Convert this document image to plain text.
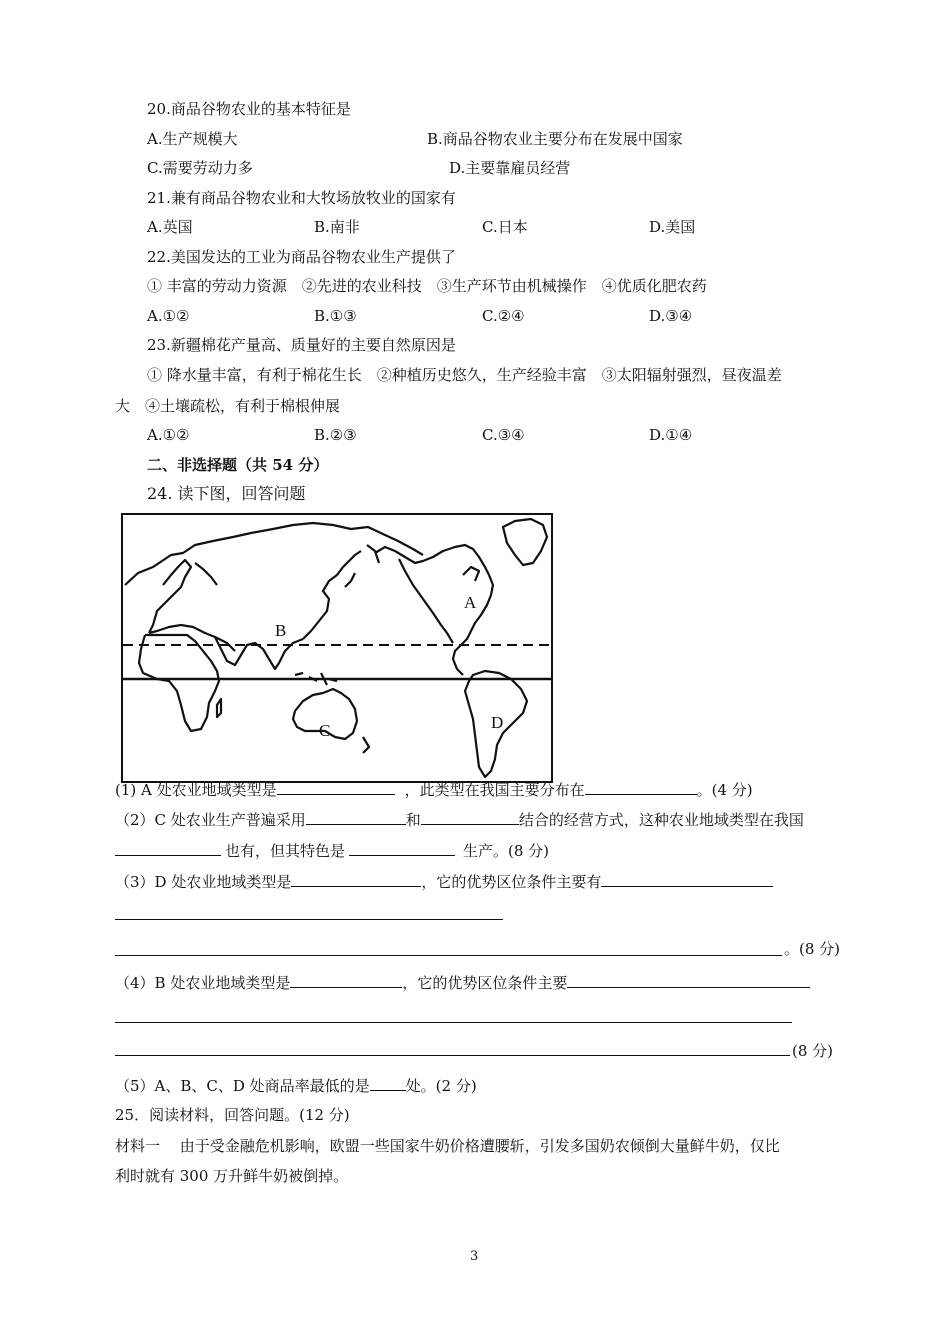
20.商品谷物农业的基本特征是
A.生产规模大	B.商品谷物农业主要分布在发展中国家
C.需要劳动力多	D.主要靠雇员经营
21.兼有商品谷物农业和大牧场放牧业的国家有
A.英国	B.南非	C.日本	D.美国
22.美国发达的工业为商品谷物农业生产提供了
① 丰富的劳动力资源　②先进的农业科技　③生产环节由机械操作　④优质化肥农药
A.①②	B.①③	C.②④	D.③④
23.新疆棉花产量高、质量好的主要自然原因是
① 降水量丰富，有利于棉花生长　②种植历史悠久，生产经验丰富　③太阳辐射强烈，昼夜温差
大　④土壤疏松，有利于棉根伸展
A.①②	B.②③	C.③④	D.①④
二、非选择题（共 54 分）
24. 读下图，回答问题
A
B
C	D
(1) A 处农业地域类型是	，此类型在我国主要分布在	。(4 分)
（2）C 处农业生产普遍采用	和	结合的经营方式，这种农业地域类型在我国
也有，但其特色是	生产。(8 分)
（3）D 处农业地域类型是	，它的优势区位条件主要有
。(8 分)
（4）B 处农业地域类型是	，它的优势区位条件主要
(8 分)
（5）A、B、C、D 处商品率最低的是 处。(2 分)
25．阅读材料，回答问题。(12 分)
材料一　 由于受金融危机影响，欧盟一些国家牛奶价格遭腰斩，引发多国奶农倾倒大量鲜牛奶，仅比
利时就有 300 万升鲜牛奶被倒掉。
3
